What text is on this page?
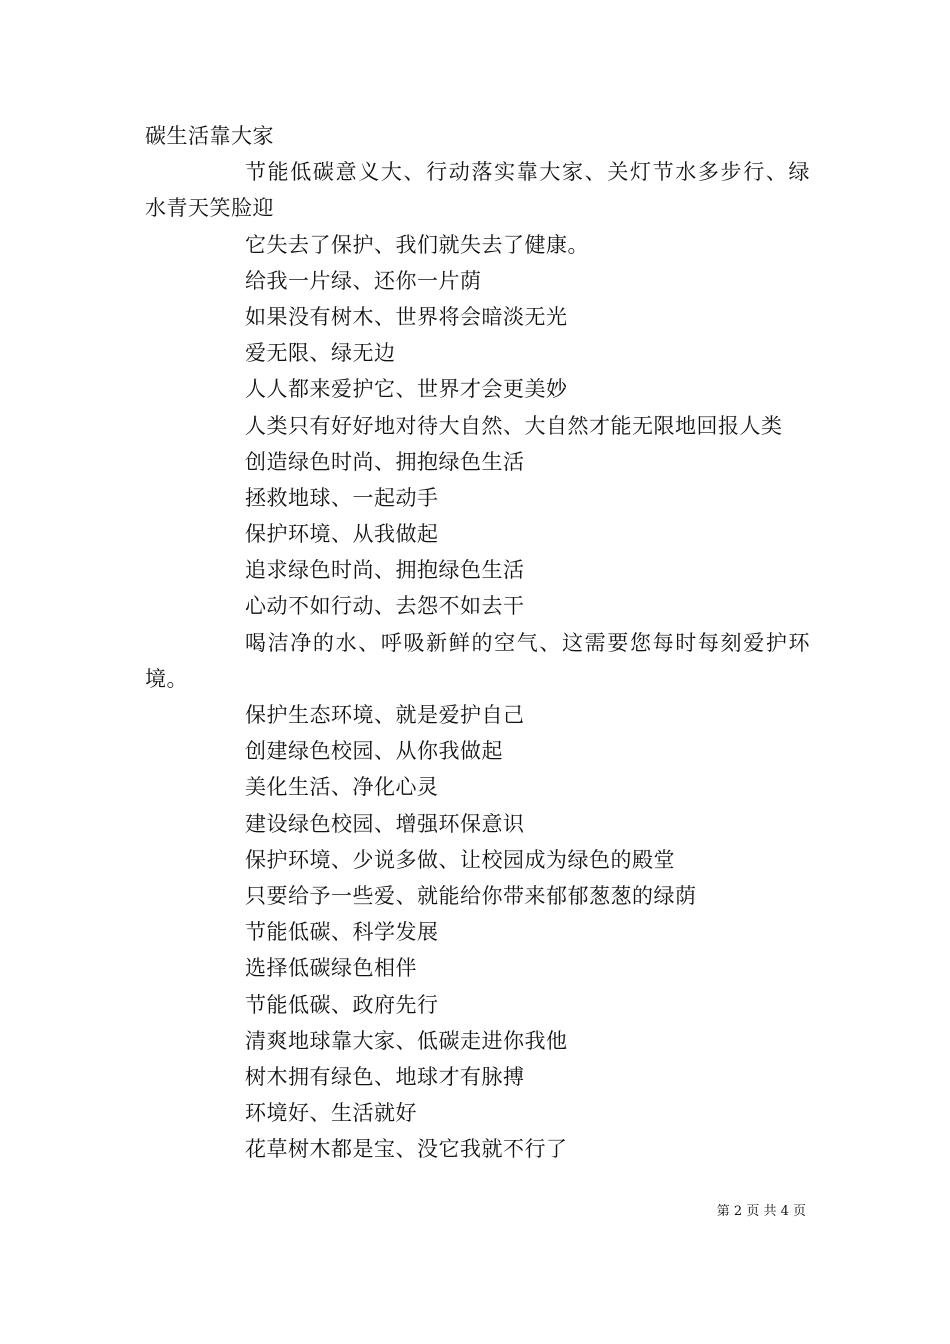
碳生活靠大家
节能低碳意义大、行动落实靠大家、关灯节水多步行、绿
水青天笑脸迎
它失去了保护、我们就失去了健康。
给我一片绿、还你一片荫
如果没有树木、世界将会暗淡无光
爱无限、绿无边
人人都来爱护它、世界才会更美妙
人类只有好好地对待大自然、大自然才能无限地回报人类
创造绿色时尚、拥抱绿色生活
拯救地球、一起动手
保护环境、从我做起
追求绿色时尚、拥抱绿色生活
心动不如行动、去怨不如去干
喝洁净的水、呼吸新鲜的空气、这需要您每时每刻爱护环
境。
保护生态环境、就是爱护自己
创建绿色校园、从你我做起
美化生活、净化心灵
建设绿色校园、增强环保意识
保护环境、少说多做、让校园成为绿色的殿堂
只要给予一些爱、就能给你带来郁郁葱葱的绿荫
节能低碳、科学发展
选择低碳绿色相伴
节能低碳、政府先行
清爽地球靠大家、低碳走进你我他
树木拥有绿色、地球才有脉搏
环境好、生活就好
花草树木都是宝、没它我就不行了
第 2 页 共 4 页
